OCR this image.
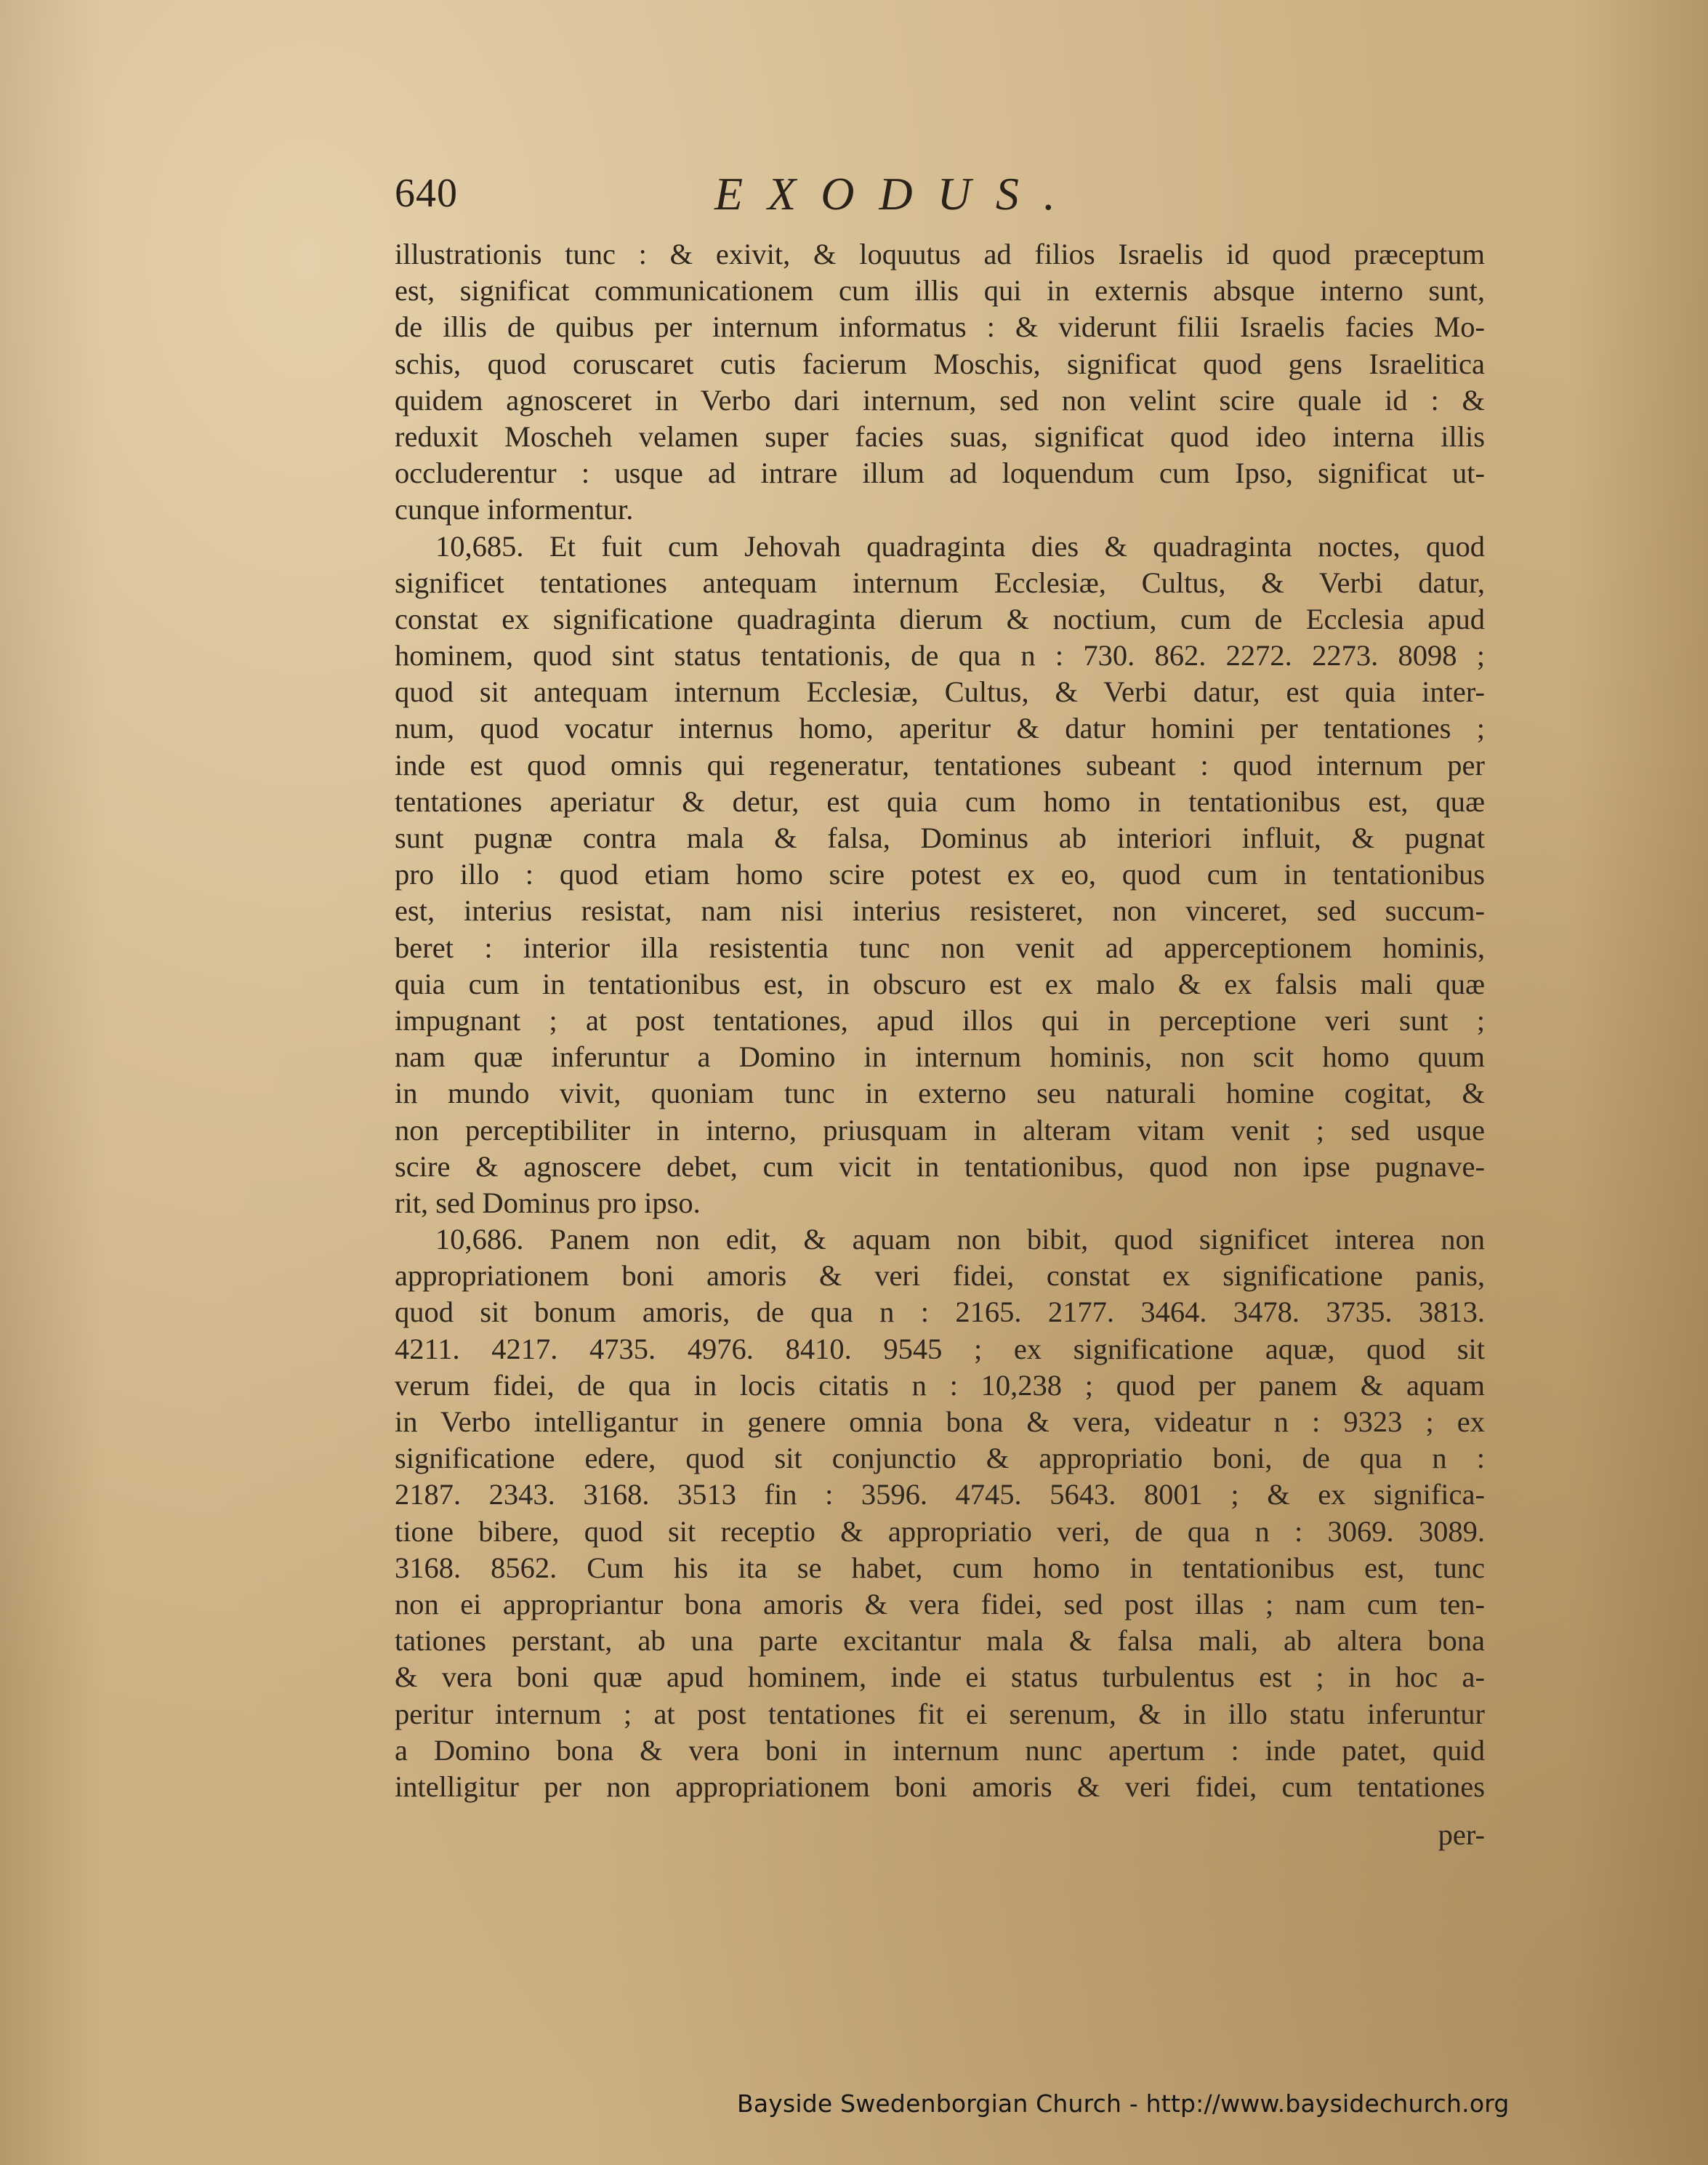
640	EXODUS.
illustrationis tunc : & exivit, & loquutus ad filios Israelis id quod præceptum
est, significat communicationem cum illis qui in externis absque interno sunt,
de illis de quibus per internum informatus : & viderunt filii Israelis facies Mo-
schis, quod coruscaret cutis facierum Moschis, significat quod gens Israelitica
quidem agnosceret in Verbo dari internum, sed non velint scire quale id : &
reduxit Moscheh velamen super facies suas, significat quod ideo interna illis
occluderentur : usque ad intrare illum ad loquendum cum Ipso, significat ut-
cunque informentur.
10,685. Et fuit cum Jehovah quadraginta dies & quadraginta noctes, quod
significet tentationes antequam internum Ecclesiæ, Cultus, & Verbi datur,
constat ex significatione quadraginta dierum & noctium, cum de Ecclesia apud
hominem, quod sint status tentationis, de qua n : 730. 862. 2272. 2273. 8098 ;
quod sit antequam internum Ecclesiæ, Cultus, & Verbi datur, est quia inter-
num, quod vocatur internus homo, aperitur & datur homini per tentationes ;
inde est quod omnis qui regeneratur, tentationes subeant : quod internum per
tentationes aperiatur & detur, est quia cum homo in tentationibus est, quæ
sunt pugnæ contra mala & falsa, Dominus ab interiori influit, & pugnat
pro illo : quod etiam homo scire potest ex eo, quod cum in tentationibus
est, interius resistat, nam nisi interius resisteret, non vinceret, sed succum-
beret : interior illa resistentia tunc non venit ad apperceptionem hominis,
quia cum in tentationibus est, in obscuro est ex malo & ex falsis mali quæ
impugnant ; at post tentationes, apud illos qui in perceptione veri sunt ;
nam quæ inferuntur a Domino in internum hominis, non scit homo quum
in mundo vivit, quoniam tunc in externo seu naturali homine cogitat, &
non perceptibiliter in interno, priusquam in alteram vitam venit ; sed usque
scire & agnoscere debet, cum vicit in tentationibus, quod non ipse pugnave-
rit, sed Dominus pro ipso.
10,686. Panem non edit, & aquam non bibit, quod significet interea non
appropriationem boni amoris & veri fidei, constat ex significatione panis,
quod sit bonum amoris, de qua n : 2165. 2177. 3464. 3478. 3735. 3813.
4211. 4217. 4735. 4976. 8410. 9545 ; ex significatione aquæ, quod sit
verum fidei, de qua in locis citatis n : 10,238 ; quod per panem & aquam
in Verbo intelligantur in genere omnia bona & vera, videatur n : 9323 ; ex
significatione edere, quod sit conjunctio & appropriatio boni, de qua n :
2187. 2343. 3168. 3513 fin : 3596. 4745. 5643. 8001 ; & ex significa-
tione bibere, quod sit receptio & appropriatio veri, de qua n : 3069. 3089.
3168. 8562. Cum his ita se habet, cum homo in tentationibus est, tunc
non ei appropriantur bona amoris & vera fidei, sed post illas ; nam cum ten-
tationes perstant, ab una parte excitantur mala & falsa mali, ab altera bona
& vera boni quæ apud hominem, inde ei status turbulentus est ; in hoc a-
peritur internum ; at post tentationes fit ei serenum, & in illo statu inferuntur
a Domino bona & vera boni in internum nunc apertum : inde patet, quid
intelligitur per non appropriationem boni amoris & veri fidei, cum tentationes
per-
Bayside Swedenborgian Church - http://www.baysidechurch.org
